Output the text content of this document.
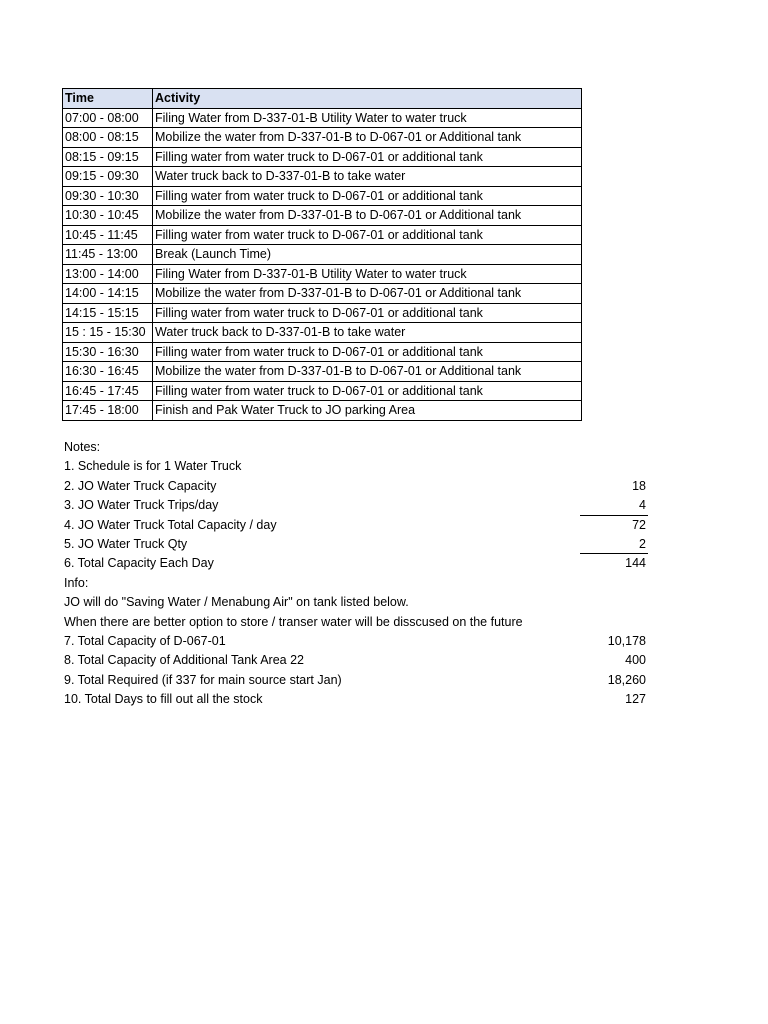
Time	Activity
07:00 - 08:00	Filing Water from D-337-01-B Utility Water to water truck
08:00 - 08:15	Mobilize the water from D-337-01-B to D-067-01 or Additional tank
08:15 - 09:15	Filling water from water truck to D-067-01 or additional tank
09:15 - 09:30	Water truck back to D-337-01-B to take water
09:30 - 10:30	Filling water from water truck to D-067-01 or additional tank
10:30 - 10:45	Mobilize the water from D-337-01-B to D-067-01 or Additional tank
10:45 - 11:45	Filling water from water truck to D-067-01 or additional tank
11:45 - 13:00	Break (Launch Time)
13:00 - 14:00	Filing Water from D-337-01-B Utility Water to water truck
14:00 - 14:15	Mobilize the water from D-337-01-B to D-067-01 or Additional tank
14:15 - 15:15	Filling water from water truck to D-067-01 or additional tank
15 : 15 - 15:30	Water truck back to D-337-01-B to take water
15:30 - 16:30	Filling water from water truck to D-067-01 or additional tank
16:30 - 16:45	Mobilize the water from D-337-01-B to D-067-01 or Additional tank
16:45 - 17:45	Filling water from water truck to D-067-01 or additional tank
17:45 - 18:00	Finish and Pak Water Truck to JO parking Area
Notes:
1. Schedule is for 1 Water Truck
2. JO Water Truck Capacity	18
3. JO Water Truck Trips/day	4
4. JO Water Truck Total Capacity / day	72
5. JO Water Truck Qty	2
6. Total Capacity Each Day	144
Info:
JO will do "Saving Water / Menabung Air" on tank listed below.
When there are better option to store / transer water will be disscused on the future
7. Total Capacity of D-067-01	10,178
8. Total Capacity of Additional Tank Area 22	400
9. Total Required (if 337 for main source start Jan)	18,260
10. Total Days to fill out all the stock	127
